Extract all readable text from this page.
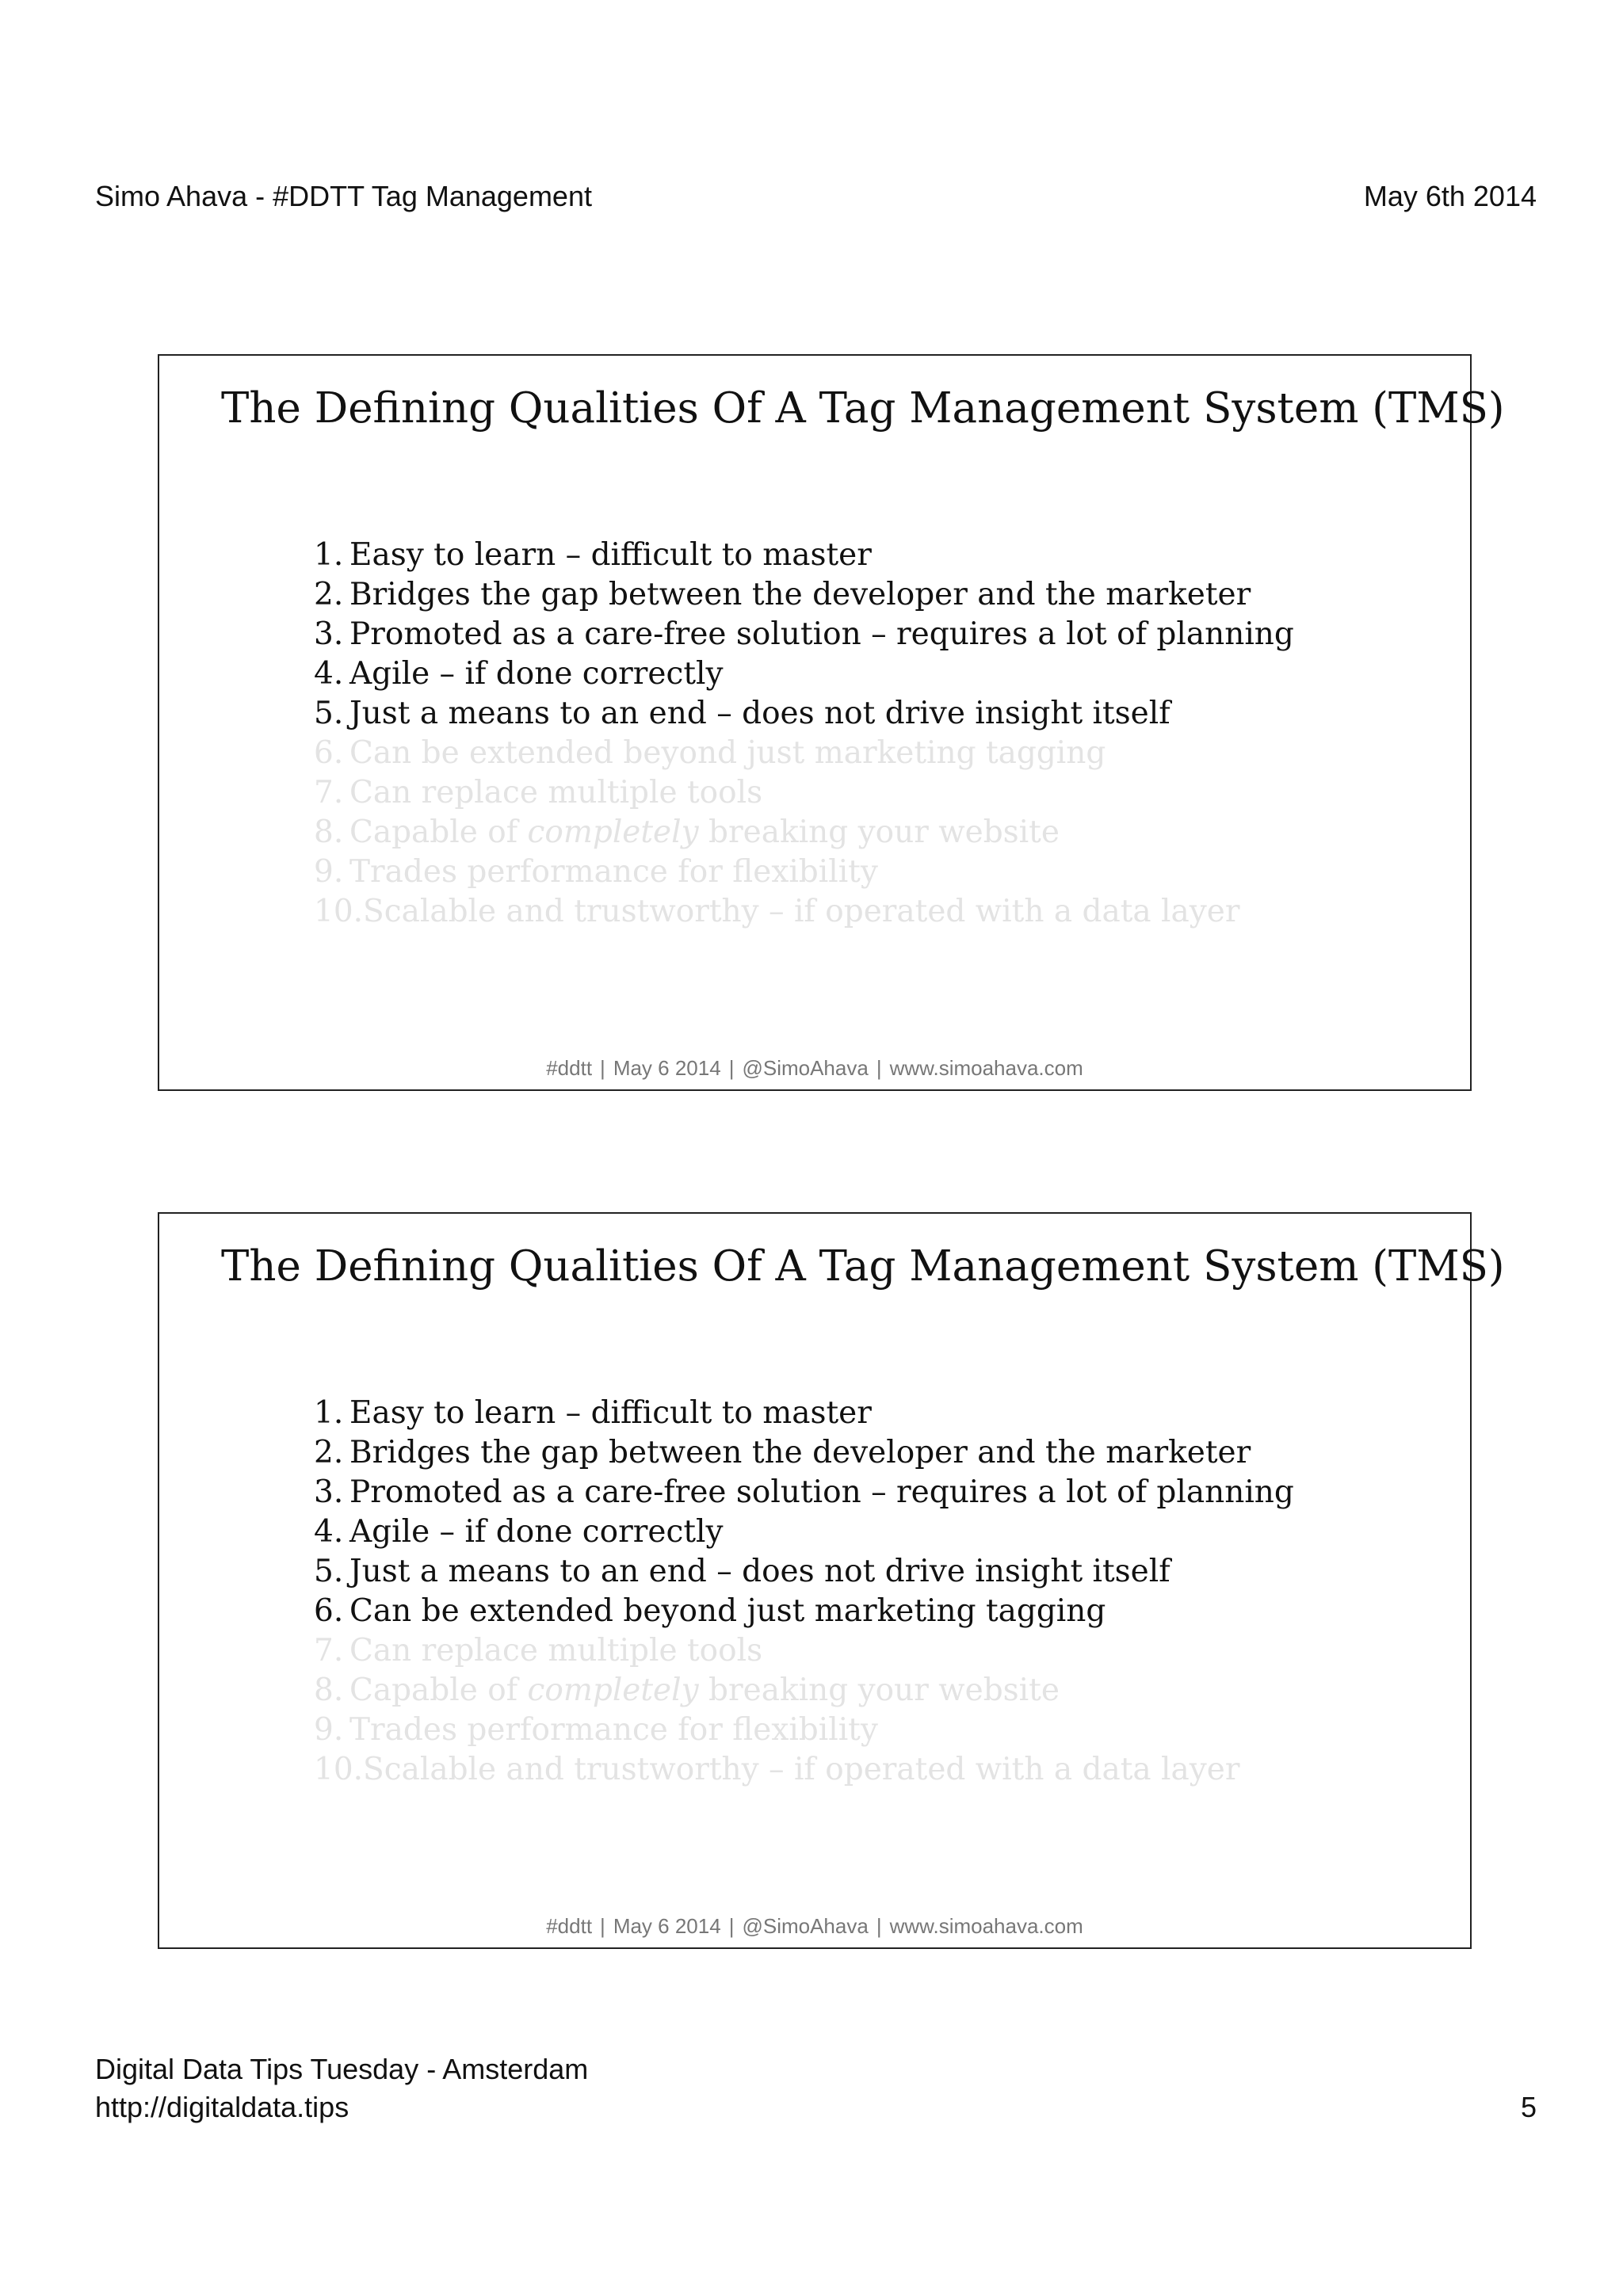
Simo Ahava - #DDTT Tag Management	May 6th 2014
The Defining Qualities Of A Tag Management System (TMS)
1. Easy to learn – difficult to master
2. Bridges the gap between the developer and the marketer
3. Promoted as a care-free solution – requires a lot of planning
4. Agile – if done correctly
5. Just a means to an end – does not drive insight itself
6. Can be extended beyond just marketing tagging
7. Can replace multiple tools
8. Capable of completely breaking your website
9. Trades performance for flexibility
10.Scalable and trustworthy – if operated with a data layer
#ddtt | May 6 2014 | @SimoAhava | www.simoahava.com
The Defining Qualities Of A Tag Management System (TMS)
1. Easy to learn – difficult to master
2. Bridges the gap between the developer and the marketer
3. Promoted as a care-free solution – requires a lot of planning
4. Agile – if done correctly
5. Just a means to an end – does not drive insight itself
6. Can be extended beyond just marketing tagging
7. Can replace multiple tools
8. Capable of completely breaking your website
9. Trades performance for flexibility
10.Scalable and trustworthy – if operated with a data layer
#ddtt | May 6 2014 | @SimoAhava | www.simoahava.com
Digital Data Tips Tuesday - Amsterdam
http://digitaldata.tips	5
